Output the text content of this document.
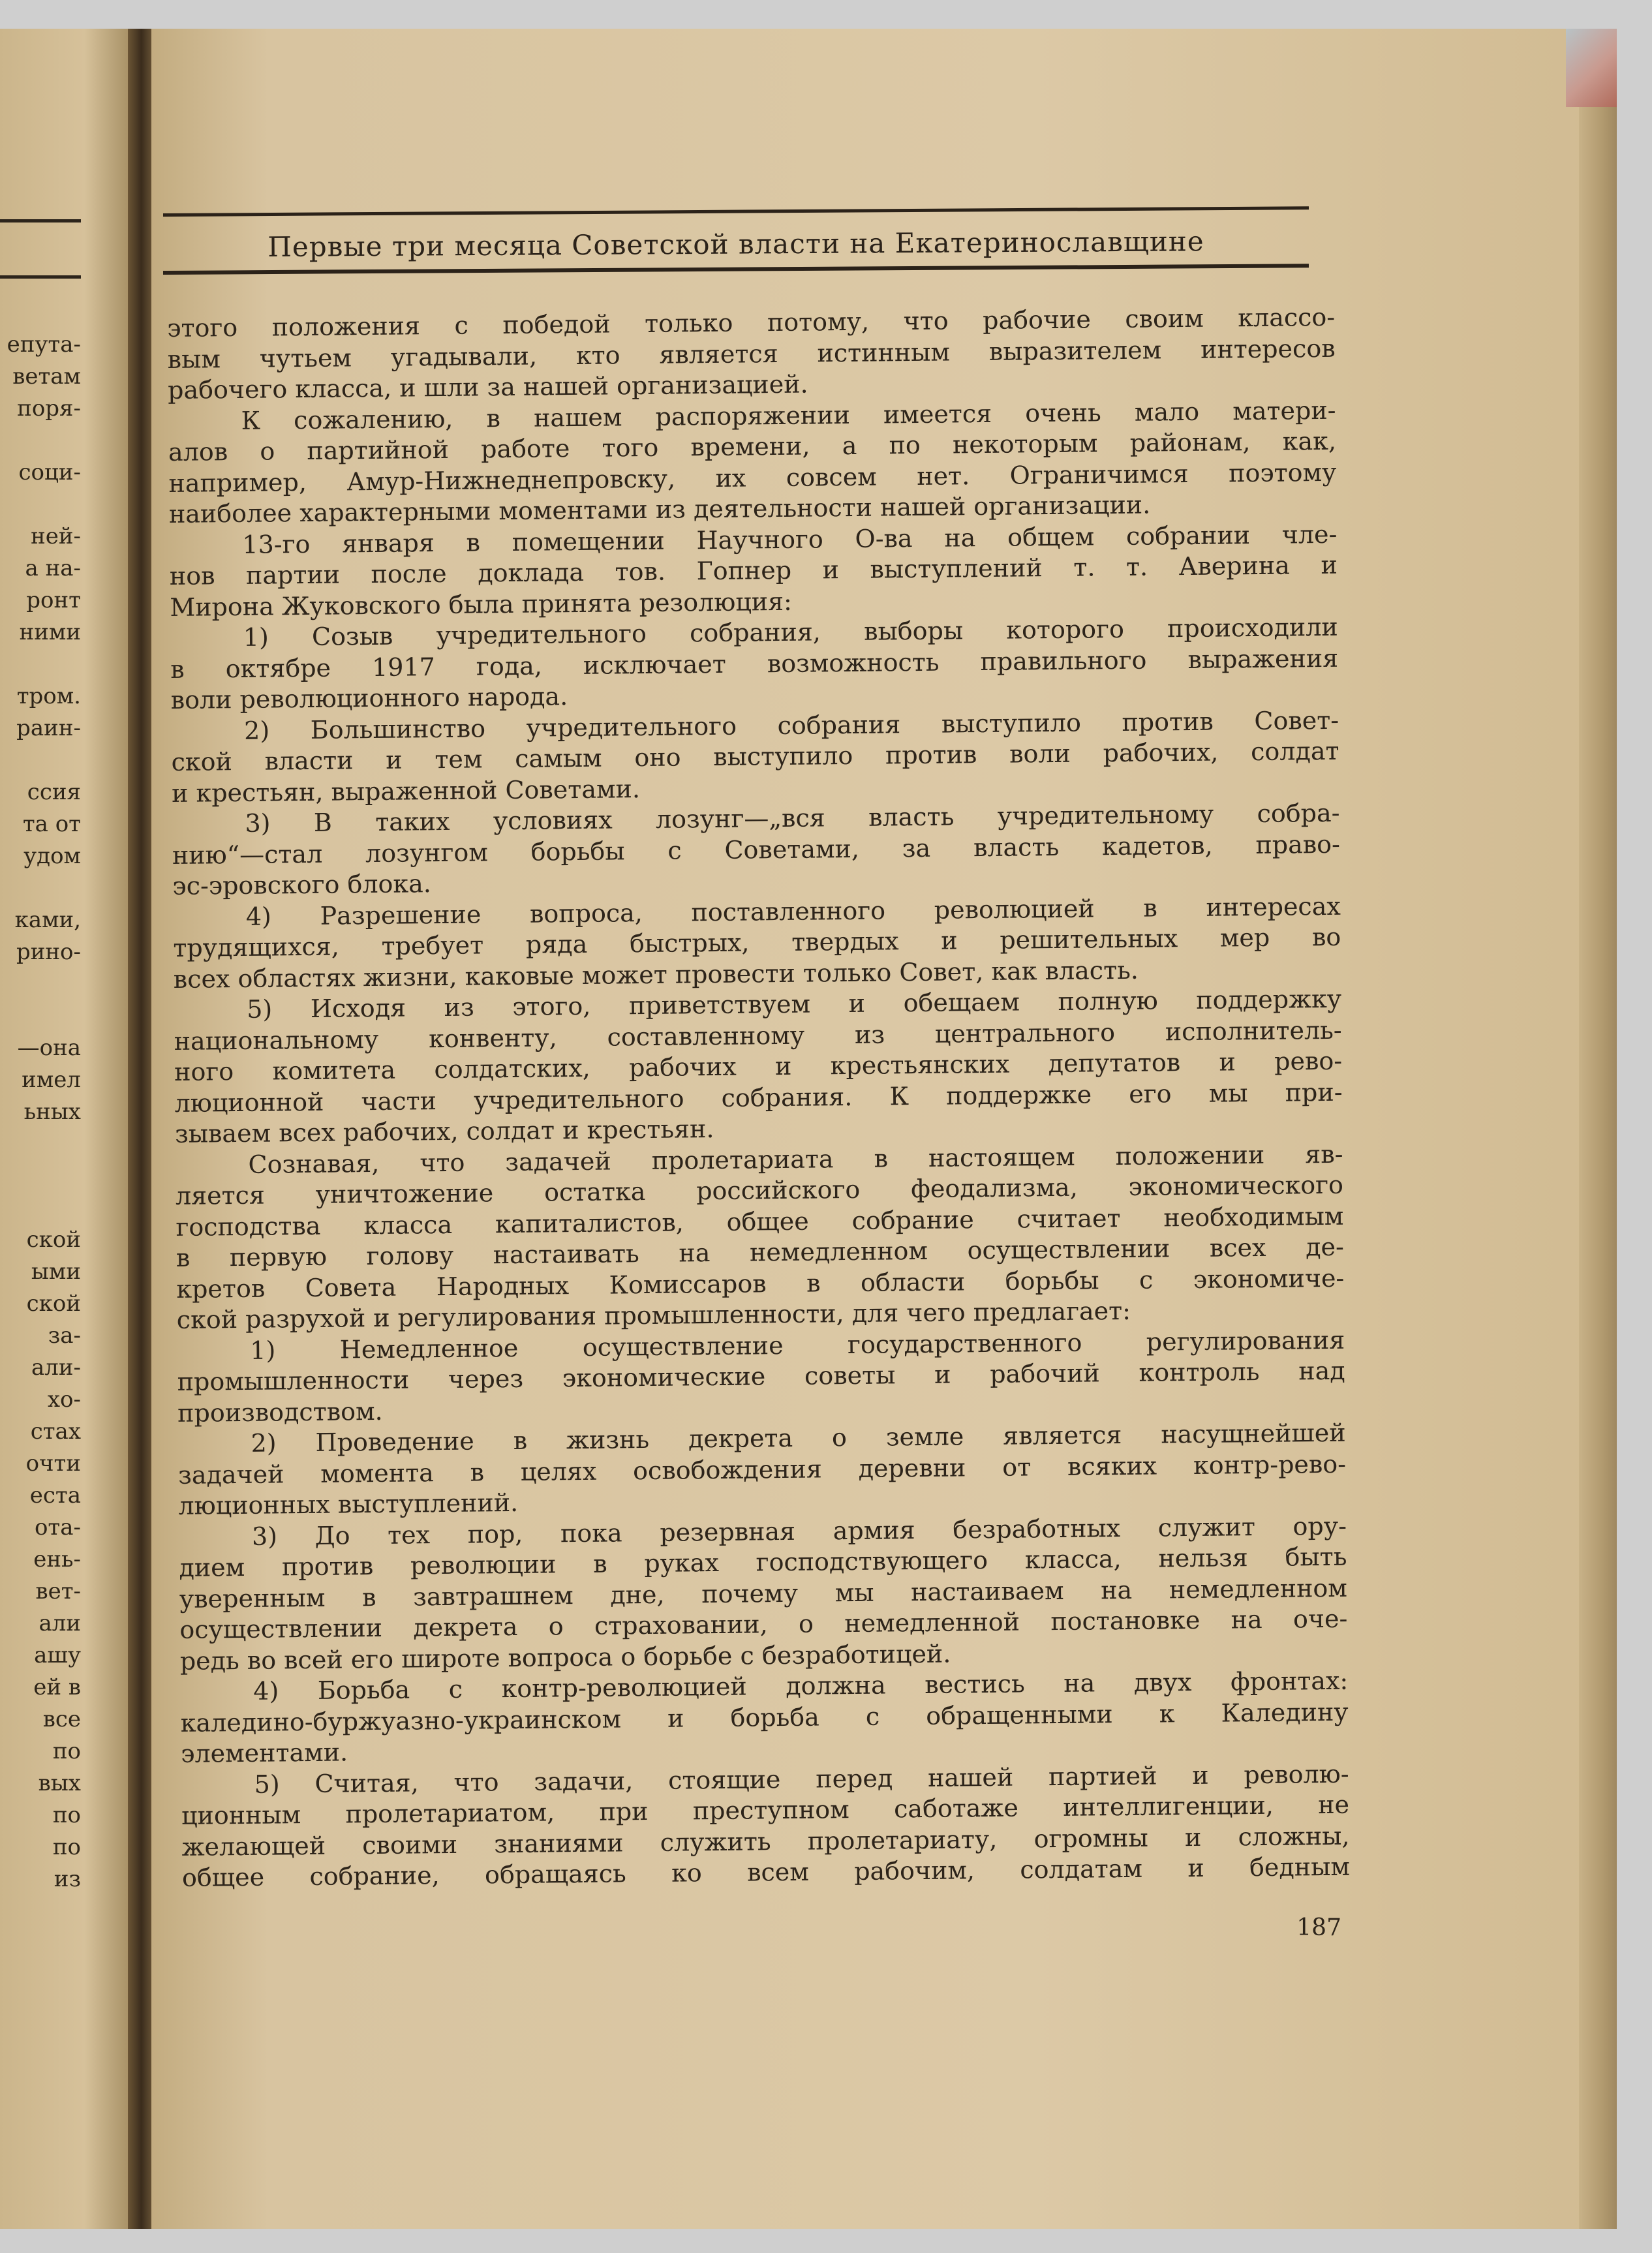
епута-
ветам
поря-
соци-
ней-
а на-
ронт
ними
тром.
раин-
ссия
та от
удом
ками,
рино-
—она
имел
ьных
ской
ыми
ской
за-
али-
хо-
стах
очти
еста
ота-
ень-
вет-
али
ашу
ей в
все
по
вых
по
по
из
Первые три месяца Советской власти на Екатеринославщине
этого положения с победой только потому, что рабочие своим классо-
вым чутьем угадывали, кто является истинным выразителем интересов
рабочего класса, и шли за нашей организацией.
К сожалению, в нашем распоряжении имеется очень мало матери-
алов о партийной работе того времени, а по некоторым районам, как,
например, Амур-Нижнеднепровску, их совсем нет. Ограничимся поэтому
наиболее характерными моментами из деятельности нашей организации.
13-го января в помещении Научного О-ва на общем собрании чле-
нов партии после доклада тов. Гопнер и выступлений т. т. Аверина и
Мирона Жуковского была принята резолюция:
1) Созыв учредительного собрания, выборы которого происходили
в октябре 1917 года, исключает возможность правильного выражения
воли революционного народа.
2) Большинство учредительного собрания выступило против Совет-
ской власти и тем самым оно выступило против воли рабочих, солдат
и крестьян, выраженной Советами.
3) В таких условиях лозунг—„вся власть учредительному собра-
нию“—стал лозунгом борьбы с Советами, за власть кадетов, право-
эс-эровского блока.
4) Разрешение вопроса, поставленного революцией в интересах
трудящихся, требует ряда быстрых, твердых и решительных мер во
всех областях жизни, каковые может провести только Совет, как власть.
5) Исходя из этого, приветствуем и обещаем полную поддержку
национальному конвенту, составленному из центрального исполнитель-
ного комитета солдатских, рабочих и крестьянских депутатов и рево-
люционной части учредительного собрания. К поддержке его мы при-
зываем всех рабочих, солдат и крестьян.
Сознавая, что задачей пролетариата в настоящем положении яв-
ляется уничтожение остатка российского феодализма, экономического
господства класса капиталистов, общее собрание считает необходимым
в первую голову настаивать на немедленном осуществлении всех де-
кретов Совета Народных Комиссаров в области борьбы с экономиче-
ской разрухой и регулирования промышленности, для чего предлагает:
1) Немедленное осуществление государственного регулирования
промышленности через экономические советы и рабочий контроль над
производством.
2) Проведение в жизнь декрета о земле является насущнейшей
задачей момента в целях освобождения деревни от всяких контр-рево-
люционных выступлений.
3) До тех пор, пока резервная армия безработных служит ору-
дием против революции в руках господствующего класса, нельзя быть
уверенным в завтрашнем дне, почему мы настаиваем на немедленном
осуществлении декрета о страховании, о немедленной постановке на оче-
редь во всей его широте вопроса о борьбе с безработицей.
4) Борьба с контр-революцией должна вестись на двух фронтах:
каледино-буржуазно-украинском и борьба с обращенными к Каледину
элементами.
5) Считая, что задачи, стоящие перед нашей партией и револю-
ционным пролетариатом, при преступном саботаже интеллигенции, не
желающей своими знаниями служить пролетариату, огромны и сложны,
общее собрание, обращаясь ко всем рабочим, солдатам и бедным
187
